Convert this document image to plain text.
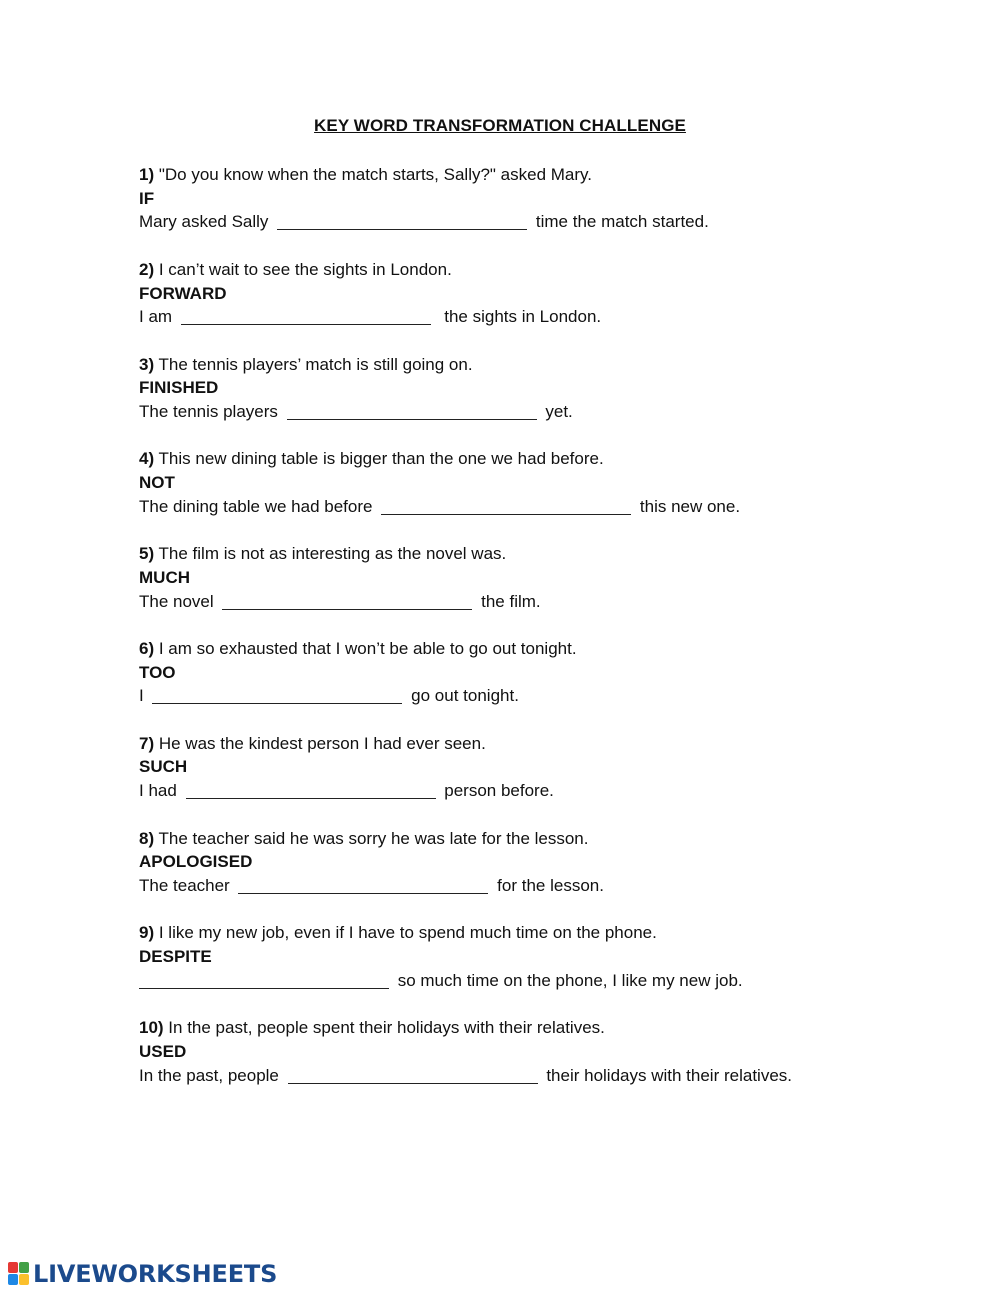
KEY WORD TRANSFORMATION CHALLENGE
1) "Do you know when the match starts, Sally?" asked Mary.
IF
Mary asked Sally	time the match started.
2) I can’t wait to see the sights in London.
FORWARD
I am	the sights in London.
3) The tennis players’ match is still going on.
FINISHED
The tennis players	yet.
4) This new dining table is bigger than the one we had before.
NOT
The dining table we had before	this new one.
5) The film is not as interesting as the novel was.
MUCH
The novel	the film.
6) I am so exhausted that I won’t be able to go out tonight.
TOO
I	go out tonight.
7) He was the kindest person I had ever seen.
SUCH
I had	person before.
8) The teacher said he was sorry he was late for the lesson.
APOLOGISED
The teacher	for the lesson.
9) I like my new job, even if I have to spend much time on the phone.
DESPITE
so much time on the phone, I like my new job.
10) In the past, people spent their holidays with their relatives.
USED
In the past, people	their holidays with their relatives.
LIVEWORKSHEETS
